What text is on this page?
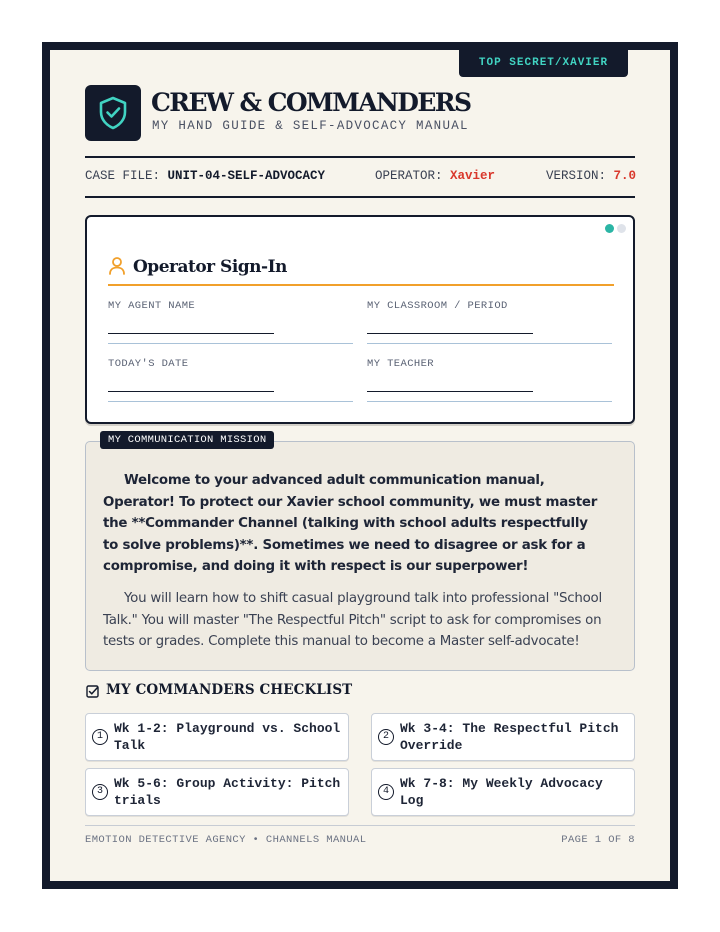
TOP SECRET/XAVIER
CREW & COMMANDERS
MY HAND GUIDE & SELF-ADVOCACY MANUAL
CASE FILE: UNIT-04-SELF-ADVOCACY	OPERATOR: Xavier	VERSION: 7.0
Operator Sign-In
MY AGENT NAME	MY CLASSROOM / PERIOD
TODAY'S DATE	MY TEACHER
MY COMMUNICATION MISSION

Welcome to your advanced adult communication manual, Operator! To protect our Xavier school community, we must master the **Commander Channel (talking with school adults respectfully to solve problems)**. Sometimes we need to disagree or ask for a compromise, and doing it with respect is our superpower!

You will learn how to shift casual playground talk into professional "School Talk." You will master "The Respectful Pitch" script to ask for compromises on tests or grades. Complete this manual to become a Master self-advocate!

MY COMMANDERS CHECKLIST
1
Wk 1-2: Playground vs. School Talk
2
Wk 3-4: The Respectful Pitch Override
3
Wk 5-6: Group Activity: Pitch trials
4
Wk 7-8: My Weekly Advocacy Log
EMOTION DETECTIVE AGENCY • CHANNELS MANUAL	PAGE 1 OF 8
